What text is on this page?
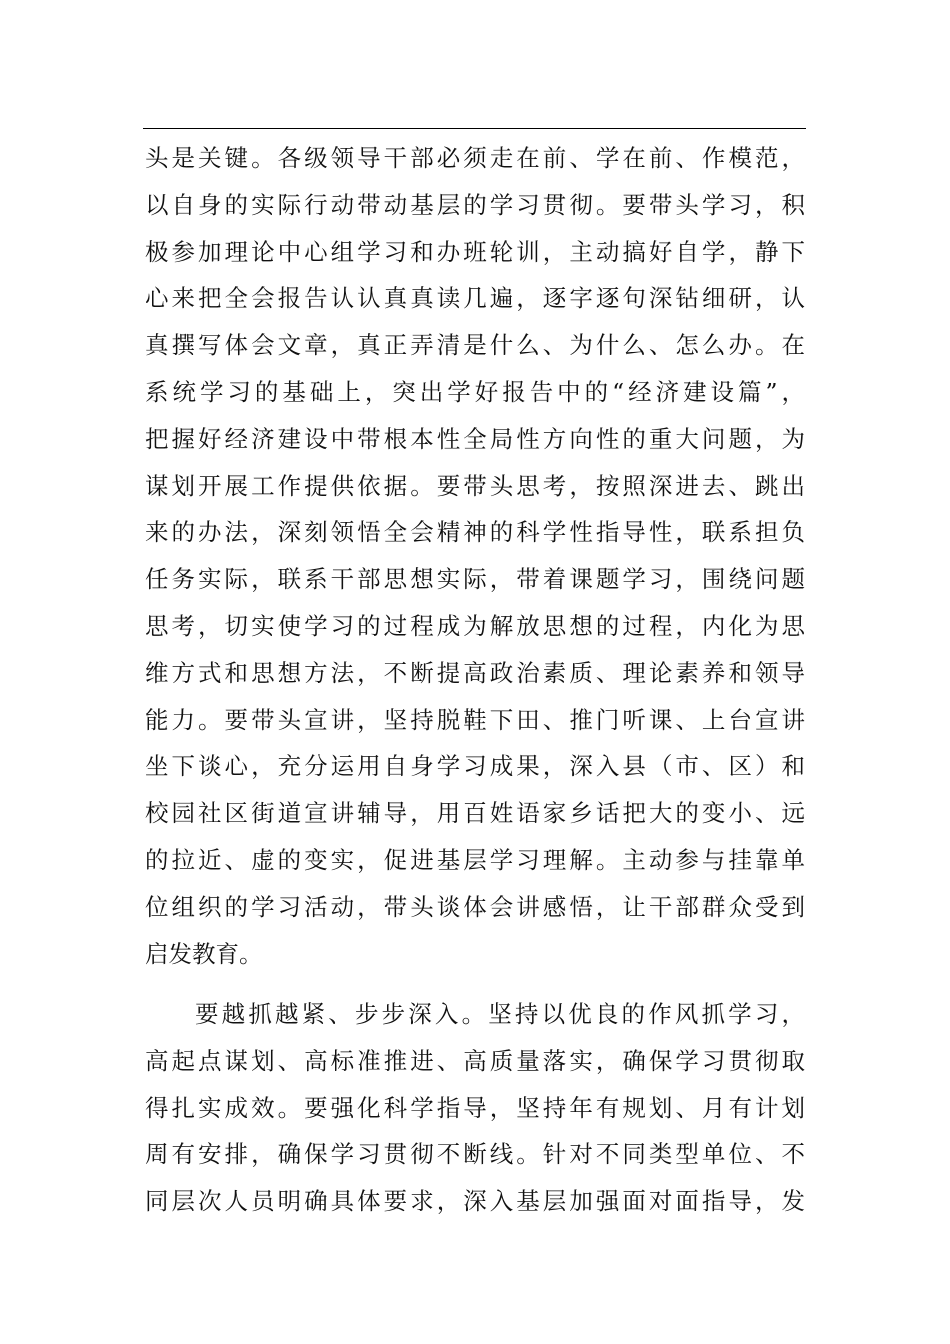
头是关键。各级领导干部必须走在前、学在前、作模范，
以自身的实际行动带动基层的学习贯彻。要带头学习，积
极参加理论中心组学习和办班轮训，主动搞好自学，静下
心来把全会报告认认真真读几遍，逐字逐句深钻细研，认
真撰写体会文章，真正弄清是什么、为什么、怎么办。在
系统学习的基础上，突出学好报告中的“经济建设篇”，
把握好经济建设中带根本性全局性方向性的重大问题，为
谋划开展工作提供依据。要带头思考，按照深进去、跳出
来的办法，深刻领悟全会精神的科学性指导性，联系担负
任务实际，联系干部思想实际，带着课题学习，围绕问题
思考，切实使学习的过程成为解放思想的过程，内化为思
维方式和思想方法，不断提高政治素质、理论素养和领导
能力。要带头宣讲，坚持脱鞋下田、推门听课、上台宣讲
坐下谈心，充分运用自身学习成果，深入县（市、区）和
校园社区街道宣讲辅导，用百姓语家乡话把大的变小、远
的拉近、虚的变实，促进基层学习理解。主动参与挂靠单
位组织的学习活动，带头谈体会讲感悟，让干部群众受到
启发教育。
要越抓越紧、步步深入。坚持以优良的作风抓学习，
高起点谋划、高标准推进、高质量落实，确保学习贯彻取
得扎实成效。要强化科学指导，坚持年有规划、月有计划
周有安排，确保学习贯彻不断线。针对不同类型单位、不
同层次人员明确具体要求，深入基层加强面对面指导，发
